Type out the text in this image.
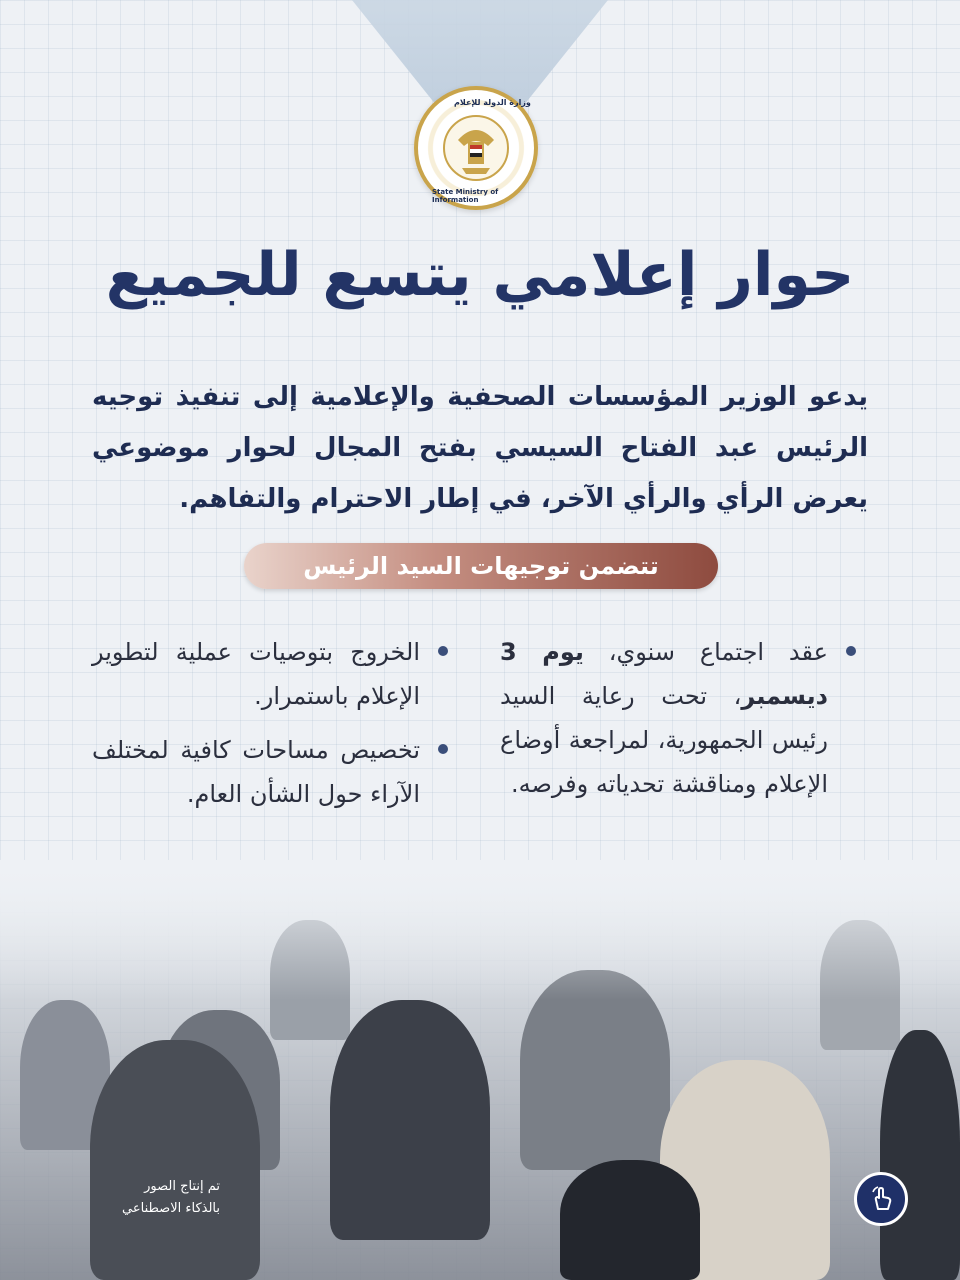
وزارة الدولة للإعلام
State Ministry of Information
حوار إعلامي يتسع للجميع
يدعو الوزير المؤسسات الصحفية والإعلامية إلى تنفيذ توجيه الرئيس عبد الفتاح السيسي بفتح المجال لحوار موضوعي يعرض الرأي والرأي الآخر، في إطار الاحترام والتفاهم.
تتضمن توجيهات السيد الرئيس
عقد اجتماع سنوي، يوم 3 ديسمبر، تحت رعاية السيد رئيس الجمهورية، لمراجعة أوضاع الإعلام ومناقشة تحدياته وفرصه.
الخروج بتوصيات عملية لتطوير الإعلام باستمرار.
تخصيص مساحات كافية لمختلف الآراء حول الشأن العام.
تم إنتاج الصور
بالذكاء الاصطناعي
